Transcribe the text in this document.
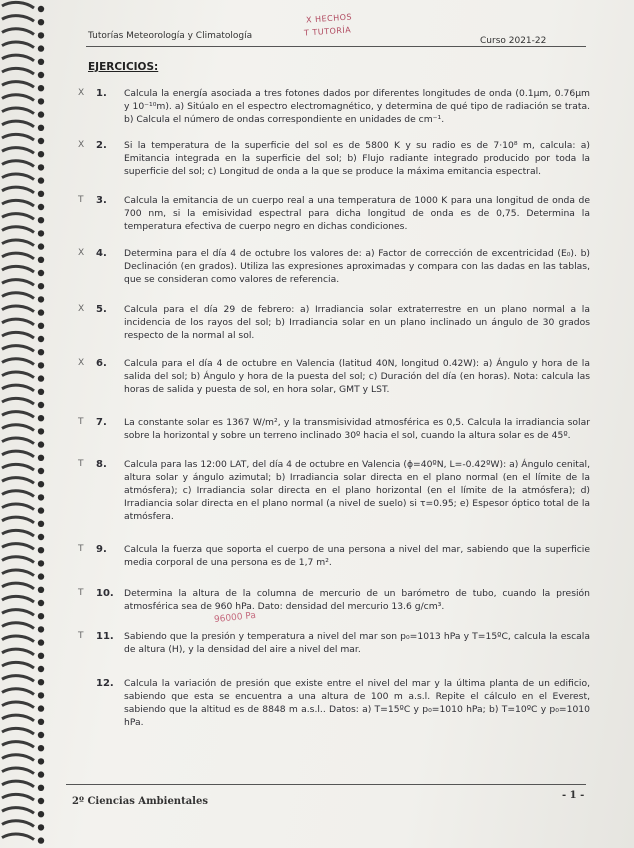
Tutorías Meteorología y Climatología	Curso 2021-22
X HECHOS
T TUTORÍA
EJERCICIOS:
X 1. Calcula la energía asociada a tres fotones dados por diferentes longitudes de onda (0.1μm, 0.76μm y 10⁻¹⁰m). a) Sitúalo en el espectro electromagnético, y determina de qué tipo de radiación se trata. b) Calcula el número de ondas correspondiente en unidades de cm⁻¹.
X 2. Si la temperatura de la superficie del sol es de 5800 K y su radio es de 7·10⁸ m, calcula: a) Emitancia integrada en la superficie del sol; b) Flujo radiante integrado producido por toda la superficie del sol; c) Longitud de onda a la que se produce la máxima emitancia espectral.
T 3. Calcula la emitancia de un cuerpo real a una temperatura de 1000 K para una longitud de onda de 700 nm, si la emisividad espectral para dicha longitud de onda es de 0,75. Determina la temperatura efectiva de cuerpo negro en dichas condiciones.
X 4. Determina para el día 4 de octubre los valores de: a) Factor de corrección de excentricidad (E₀). b) Declinación (en grados). Utiliza las expresiones aproximadas y compara con las dadas en las tablas, que se consideran como valores de referencia.
X 5. Calcula para el día 29 de febrero: a) Irradiancia solar extraterrestre en un plano normal a la incidencia de los rayos del sol; b) Irradiancia solar en un plano inclinado un ángulo de 30 grados respecto de la normal al sol.
X 6. Calcula para el día 4 de octubre en Valencia (latitud 40N, longitud 0.42W): a) Ángulo y hora de la salida del sol; b) Ángulo y hora de la puesta del sol; c) Duración del día (en horas). Nota: calcula las horas de salida y puesta de sol, en hora solar, GMT y LST.
T 7. La constante solar es 1367 W/m², y la transmisividad atmosférica es 0,5. Calcula la irradiancia solar sobre la horizontal y sobre un terreno inclinado 30º hacia el sol, cuando la altura solar es de 45º.
T 8. Calcula para las 12:00 LAT, del día 4 de octubre en Valencia (ϕ=40ºN, L=-0.42ºW): a) Ángulo cenital, altura solar y ángulo azimutal; b) Irradiancia solar directa en el plano normal (en el límite de la atmósfera); c) Irradiancia solar directa en el plano horizontal (en el límite de la atmósfera); d) Irradiancia solar directa en el plano normal (a nivel de suelo) si τ=0.95; e) Espesor óptico total de la atmósfera.
T 9. Calcula la fuerza que soporta el cuerpo de una persona a nivel del mar, sabiendo que la superficie media corporal de una persona es de 1,7 m².
T 10. Determina la altura de la columna de mercurio de un barómetro de tubo, cuando la presión atmosférica sea de 960 hPa. Dato: densidad del mercurio 13.6 g/cm³.
96000 Pa
T 11. Sabiendo que la presión y temperatura a nivel del mar son p₀=1013 hPa y T=15ºC, calcula la escala de altura (H), y la densidad del aire a nivel del mar.
12. Calcula la variación de presión que existe entre el nivel del mar y la última planta de un edificio, sabiendo que esta se encuentra a una altura de 100 m a.s.l. Repite el cálculo en el Everest, sabiendo que la altitud es de 8848 m a.s.l.. Datos: a) T=15ºC y p₀=1010 hPa; b) T=10ºC y p₀=1010 hPa.
2º Ciencias Ambientales
- 1 -
